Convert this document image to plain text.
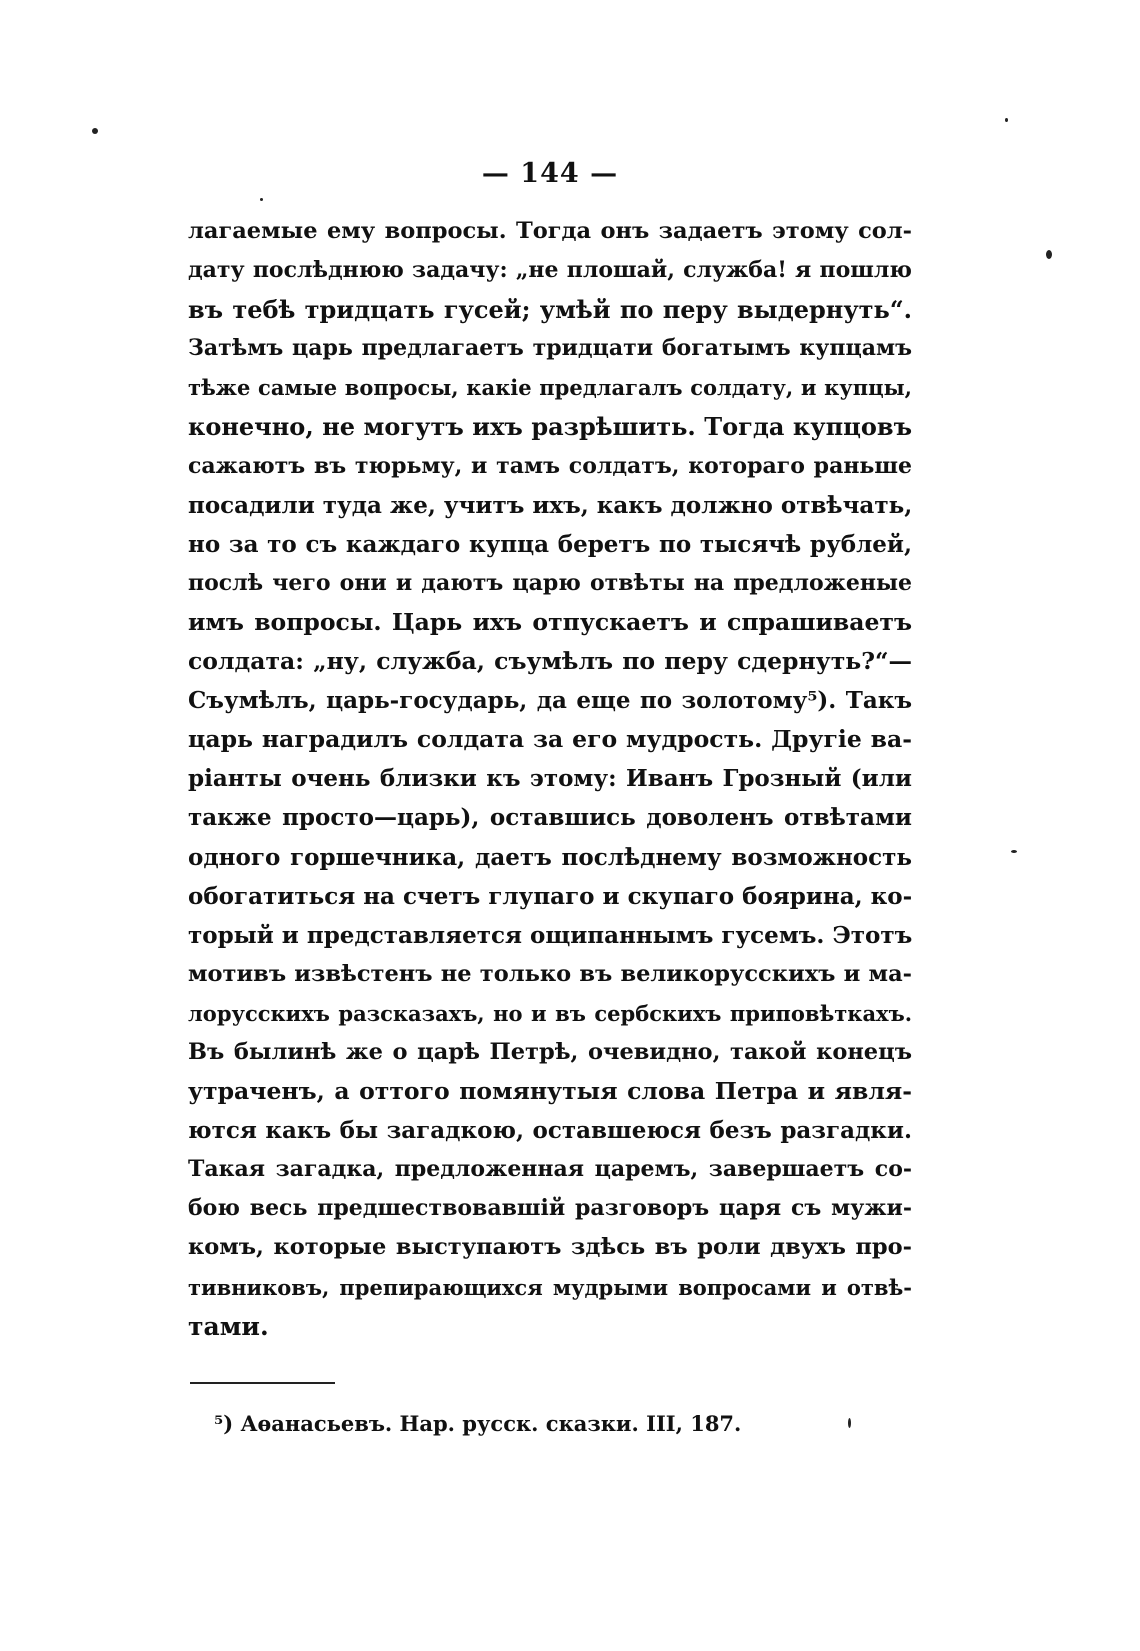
— 144 —
лагаемые ему вопросы. Тогда онъ задаетъ этому сол-
дату послѣднюю задачу: „не плошай, служба! я пошлю
въ тебѣ тридцать гусей; умѣй по перу выдернуть“.
Затѣмъ царь предлагаетъ тридцати богатымъ купцамъ
тѣже самые вопросы, какiе предлагалъ солдату, и купцы,
конечно, не могутъ ихъ разрѣшить. Тогда купцовъ
сажаютъ въ тюрьму, и тамъ солдатъ, котораго раньше
посадили туда же, учитъ ихъ, какъ должно отвѣчать,
но за то съ каждаго купца беретъ по тысячѣ рублей,
послѣ чего они и даютъ царю отвѣты на предложеные
имъ вопросы. Царь ихъ отпускаетъ и спрашиваетъ
солдата: „ну, служба, съумѣлъ по перу сдернуть?“—
Съумѣлъ, царь-государь, да еще по золотому⁵). Такъ
царь наградилъ солдата за его мудрость. Другiе ва-
рiанты очень близки къ этому: Иванъ Грозный (или
также просто—царь), оставшись доволенъ отвѣтами
одного горшечника, даетъ послѣднему возможность
обогатиться на счетъ глупаго и скупаго боярина, ко-
торый и представляется ощипаннымъ гусемъ. Этотъ
мотивъ извѣстенъ не только въ великорусскихъ и ма-
лорусскихъ разсказахъ, но и въ сербскихъ приповѣткахъ.
Въ былинѣ же о царѣ Петрѣ, очевидно, такой конецъ
утраченъ, а оттого помянутыя слова Петра и явля-
ются какъ бы загадкою, оставшеюся безъ разгадки.
Такая загадка, предложенная царемъ, завершаетъ со-
бою весь предшествовавшiй разговоръ царя съ мужи-
комъ, которые выступаютъ здѣсь въ роли двухъ про-
тивниковъ, препирающихся мудрыми вопросами и отвѣ-
тами.
⁵) Аѳанасьевъ. Нар. русск. сказки. III, 187.
